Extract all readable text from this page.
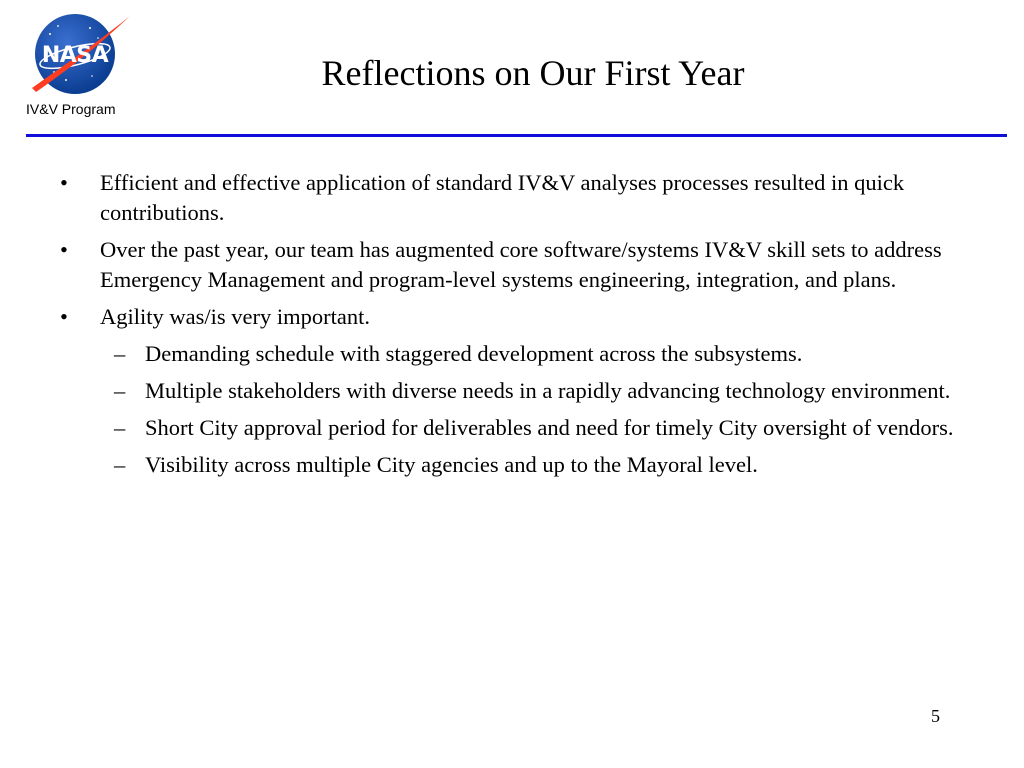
NASA
IV&V Program
Reflections on Our First Year
• Efficient and effective application of standard IV&V analyses processes resulted in quick contributions.
• Over the past year, our team has augmented core software/systems IV&V skill sets to address Emergency Management and program-level systems engineering, integration, and plans.
• Agility was/is very important.
– Demanding schedule with staggered development across the subsystems.
– Multiple stakeholders with diverse needs in a rapidly advancing technology environment.
– Short City approval period for deliverables and need for timely City oversight of vendors.
– Visibility across multiple City agencies and up to the Mayoral level.
5
